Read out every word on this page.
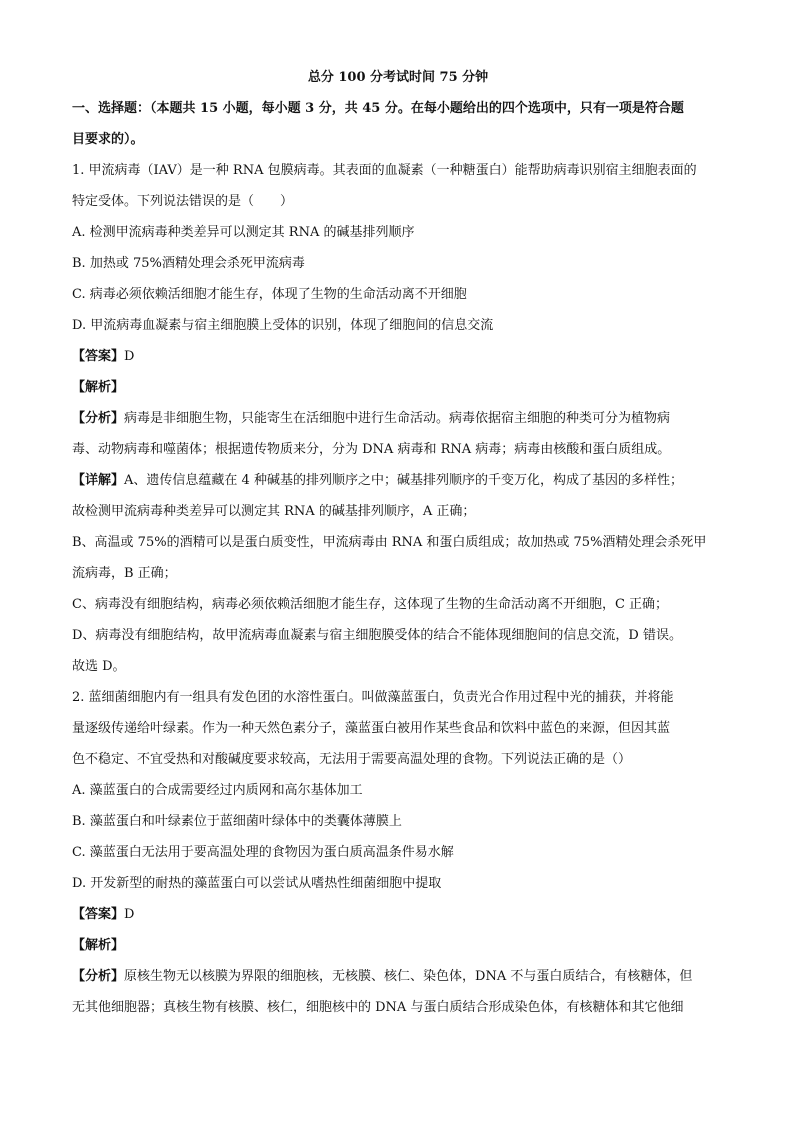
总分 100 分考试时间 75 分钟
一、选择题：（本题共 15 小题，每小题 3 分，共 45 分。在每小题给出的四个选项中，只有一项是符合题
目要求的）。
1. 甲流病毒（IAV）是一种 RNA 包膜病毒。其表面的血凝素（一种糖蛋白）能帮助病毒识别宿主细胞表面的
特定受体。下列说法错误的是（　　）
A. 检测甲流病毒种类差异可以测定其 RNA 的碱基排列顺序
B. 加热或 75%酒精处理会杀死甲流病毒
C. 病毒必须依赖活细胞才能生存，体现了生物的生命活动离不开细胞
D. 甲流病毒血凝素与宿主细胞膜上受体的识别，体现了细胞间的信息交流
【答案】D
【解析】
【分析】病毒是非细胞生物，只能寄生在活细胞中进行生命活动。病毒依据宿主细胞的种类可分为植物病
毒、动物病毒和噬菌体；根据遗传物质来分，分为 DNA 病毒和 RNA 病毒；病毒由核酸和蛋白质组成。
【详解】A、遗传信息蕴藏在 4 种碱基的排列顺序之中；碱基排列顺序的千变万化，构成了基因的多样性；
故检测甲流病毒种类差异可以测定其 RNA 的碱基排列顺序，A 正确；
B、高温或 75%的酒精可以是蛋白质变性，甲流病毒由 RNA 和蛋白质组成；故加热或 75%酒精处理会杀死甲
流病毒，B 正确；
C、病毒没有细胞结构，病毒必须依赖活细胞才能生存，这体现了生物的生命活动离不开细胞，C 正确；
D、病毒没有细胞结构，故甲流病毒血凝素与宿主细胞膜受体的结合不能体现细胞间的信息交流，D 错误。
故选 D。
2. 蓝细菌细胞内有一组具有发色团的水溶性蛋白。叫做藻蓝蛋白，负责光合作用过程中光的捕获，并将能
量逐级传递给叶绿素。作为一种天然色素分子，藻蓝蛋白被用作某些食品和饮料中蓝色的来源，但因其蓝
色不稳定、不宜受热和对酸碱度要求较高，无法用于需要高温处理的食物。下列说法正确的是（）
A. 藻蓝蛋白的合成需要经过内质网和高尔基体加工
B. 藻蓝蛋白和叶绿素位于蓝细菌叶绿体中的类囊体薄膜上
C. 藻蓝蛋白无法用于要高温处理的食物因为蛋白质高温条件易水解
D. 开发新型的耐热的藻蓝蛋白可以尝试从嗜热性细菌细胞中提取
【答案】D
【解析】
【分析】原核生物无以核膜为界限的细胞核，无核膜、核仁、染色体，DNA 不与蛋白质结合，有核糖体，但
无其他细胞器；真核生物有核膜、核仁，细胞核中的 DNA 与蛋白质结合形成染色体，有核糖体和其它他细
